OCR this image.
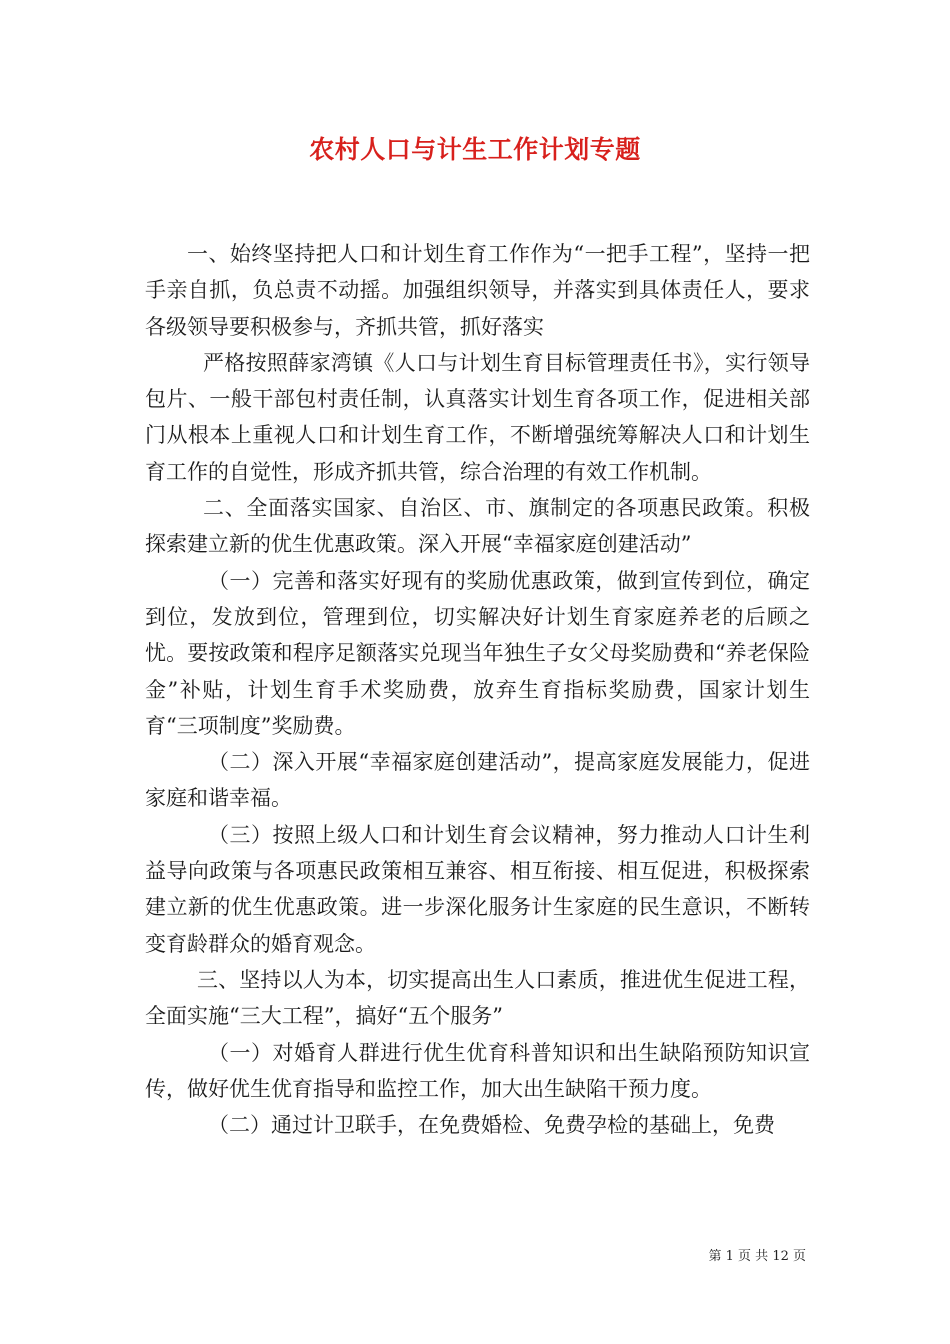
农村人口与计生工作计划专题

一、始终坚持把人口和计划生育工作作为“一把手工程”，坚持一把手亲自抓，负总责不动摇。加强组织领导，并落实到具体责任人，要求各级领导要积极参与，齐抓共管，抓好落实

严格按照薛家湾镇《人口与计划生育目标管理责任书》，实行领导包片、一般干部包村责任制，认真落实计划生育各项工作，促进相关部门从根本上重视人口和计划生育工作，不断增强统筹解决人口和计划生育工作的自觉性，形成齐抓共管，综合治理的有效工作机制。

二、全面落实国家、自治区、市、旗制定的各项惠民政策。积极探索建立新的优生优惠政策。深入开展“幸福家庭创建活动”

（一）完善和落实好现有的奖励优惠政策，做到宣传到位，确定到位，发放到位，管理到位，切实解决好计划生育家庭养老的后顾之忧。要按政策和程序足额落实兑现当年独生子女父母奖励费和“养老保险金”补贴，计划生育手术奖励费，放弃生育指标奖励费，国家计划生育“三项制度”奖励费。

（二）深入开展“幸福家庭创建活动”，提高家庭发展能力，促进家庭和谐幸福。

（三）按照上级人口和计划生育会议精神，努力推动人口计生利益导向政策与各项惠民政策相互兼容、相互衔接、相互促进，积极探索建立新的优生优惠政策。进一步深化服务计生家庭的民生意识，不断转变育龄群众的婚育观念。

三、坚持以人为本，切实提高出生人口素质，推进优生促进工程，全面实施“三大工程”，搞好“五个服务”

（一）对婚育人群进行优生优育科普知识和出生缺陷预防知识宣传，做好优生优育指导和监控工作，加大出生缺陷干预力度。

（二）通过计卫联手，在免费婚检、免费孕检的基础上，免费

第 1 页 共 12 页
